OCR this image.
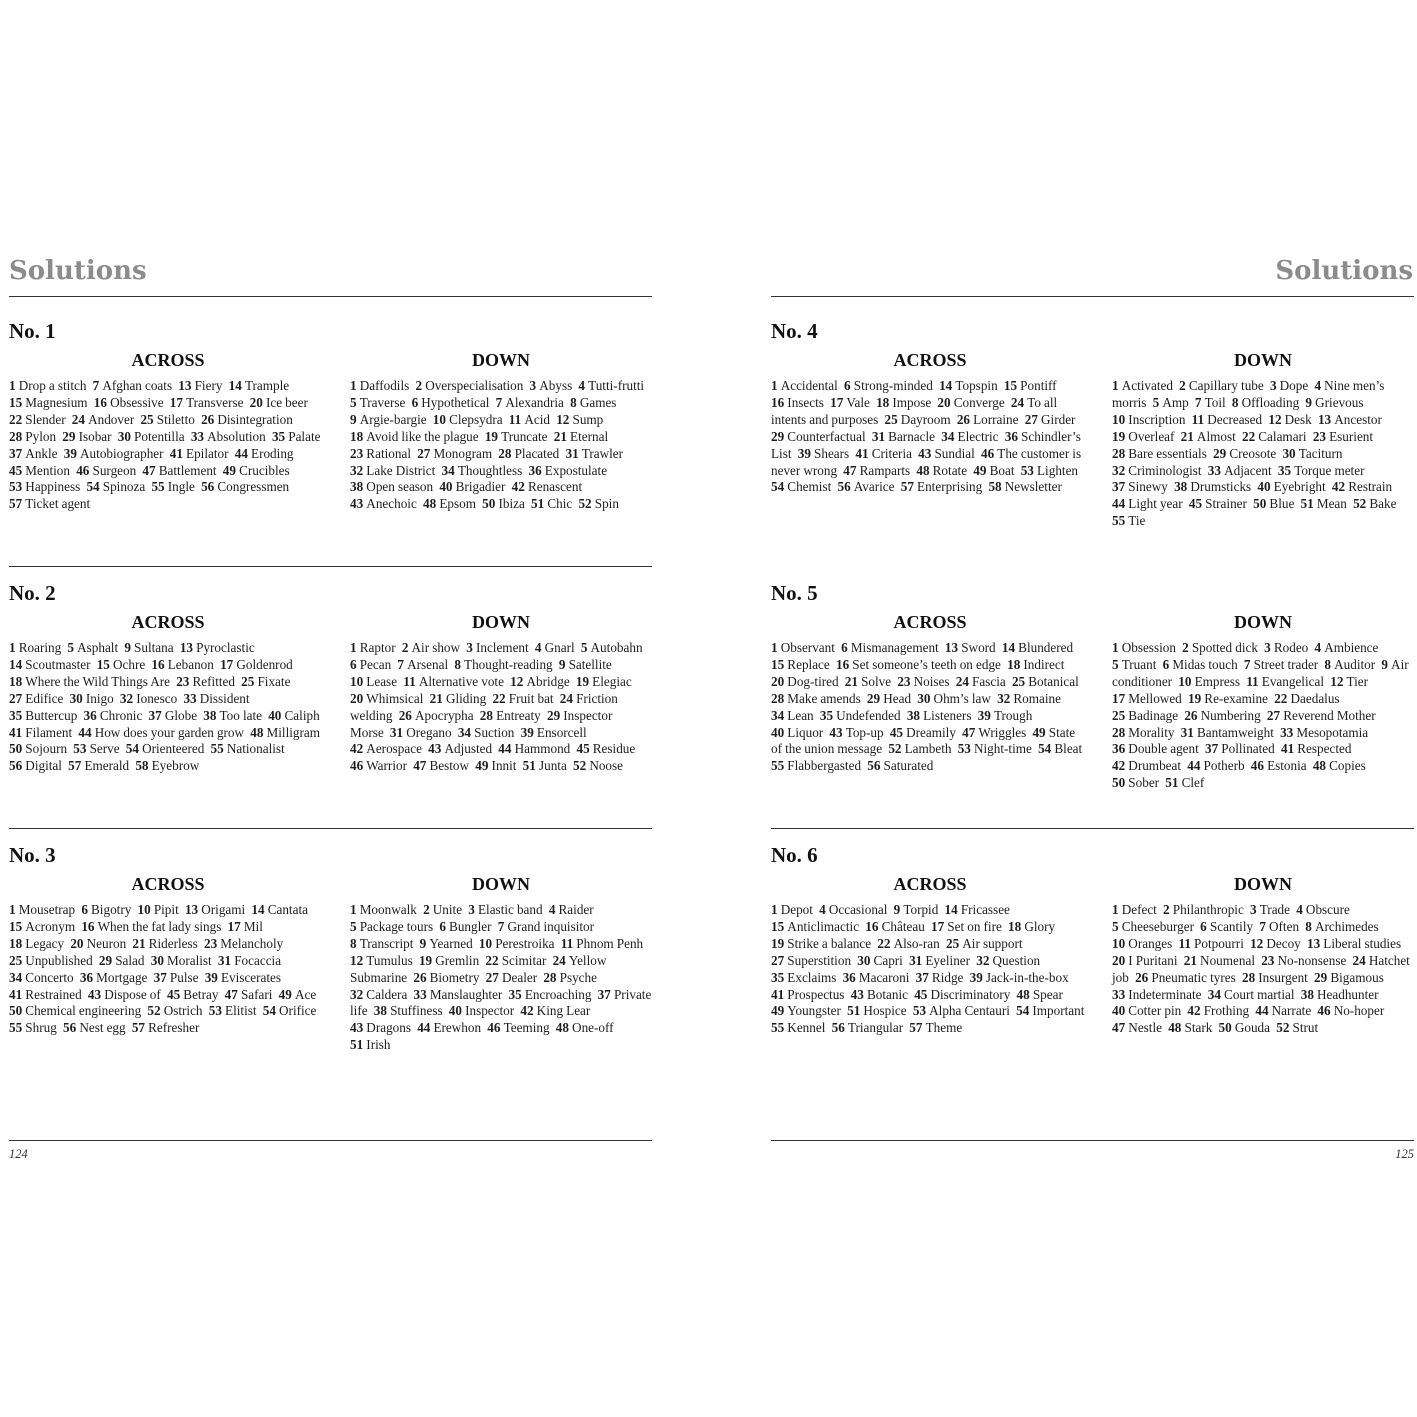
Solutions
No. 1
ACROSS
1 Drop a stitch 7 Afghan coats 13 Fiery 14 Trample  15 Magnesium 16 Obsessive 17 Transverse 20 Ice beer  22 Slender 24 Andover 25 Stiletto 26 Disintegration  28 Pylon 29 Isobar 30 Potentilla 33 Absolution 35 Palate  37 Ankle 39 Autobiographer 41 Epilator 44 Eroding  45 Mention 46 Surgeon 47 Battlement 49 Crucibles  53 Happiness 54 Spinoza 55 Ingle 56 Congressmen  57 Ticket agent
DOWN
1 Daffodils 2 Overspecialisation 3 Abyss 4 Tutti-frutti  5 Traverse 6 Hypothetical 7 Alexandria 8 Games  9 Argie-bargie 10 Clepsydra 11 Acid 12 Sump  18 Avoid like the plague 19 Truncate 21 Eternal  23 Rational 27 Monogram 28 Placated 31 Trawler  32 Lake District 34 Thoughtless 36 Expostulate  38 Open season 40 Brigadier 42 Renascent  43 Anechoic 48 Epsom 50 Ibiza 51 Chic 52 Spin
No. 2
ACROSS
1 Roaring 5 Asphalt 9 Sultana 13 Pyroclastic  14 Scoutmaster 15 Ochre 16 Lebanon 17 Goldenrod  18 Where the Wild Things Are 23 Refitted 25 Fixate  27 Edifice 30 Inigo 32 Ionesco 33 Dissident  35 Buttercup 36 Chronic 37 Globe 38 Too late 40 Caliph  41 Filament 44 How does your garden grow 48 Milligram  50 Sojourn 53 Serve 54 Orienteered 55 Nationalist  56 Digital 57 Emerald 58 Eyebrow
DOWN
1 Raptor 2 Air show 3 Inclement 4 Gnarl 5 Autobahn  6 Pecan 7 Arsenal 8 Thought-reading 9 Satellite  10 Lease 11 Alternative vote 12 Abridge 19 Elegiac  20 Whimsical 21 Gliding 22 Fruit bat 24 Friction welding 26 Apocrypha 28 Entreaty 29 Inspector Morse 31 Oregano 34 Suction 39 Ensorcell  42 Aerospace 43 Adjusted 44 Hammond 45 Residue  46 Warrior 47 Bestow 49 Innit 51 Junta 52 Noose
No. 3
ACROSS
1 Mousetrap 6 Bigotry 10 Pipit 13 Origami 14 Cantata  15 Acronym 16 When the fat lady sings 17 Mil  18 Legacy 20 Neuron 21 Riderless 23 Melancholy  25 Unpublished 29 Salad 30 Moralist 31 Focaccia  34 Concerto 36 Mortgage 37 Pulse 39 Eviscerates  41 Restrained 43 Dispose of 45 Betray 47 Safari 49 Ace  50 Chemical engineering 52 Ostrich 53 Elitist 54 Orifice  55 Shrug 56 Nest egg 57 Refresher
DOWN
1 Moonwalk 2 Unite 3 Elastic band 4 Raider  5 Package tours 6 Bungler 7 Grand inquisitor  8 Transcript 9 Yearned 10 Perestroika 11 Phnom Penh  12 Tumulus 19 Gremlin 22 Scimitar 24 Yellow Submarine 26 Biometry 27 Dealer 28 Psyche  32 Caldera 33 Manslaughter 35 Encroaching 37 Private life 38 Stuffiness 40 Inspector 42 King Lear  43 Dragons 44 Erewhon 46 Teeming 48 One-off  51 Irish
124
Solutions
No. 4
ACROSS
1 Accidental 6 Strong-minded 14 Topspin 15 Pontiff  16 Insects 17 Vale 18 Impose 20 Converge 24 To all intents and purposes 25 Dayroom 26 Lorraine 27 Girder  29 Counterfactual 31 Barnacle 34 Electric 36 Schindler’s List 39 Shears 41 Criteria 43 Sundial 46 The customer is never wrong 47 Ramparts 48 Rotate 49 Boat 53 Lighten  54 Chemist 56 Avarice 57 Enterprising 58 Newsletter
DOWN
1 Activated 2 Capillary tube 3 Dope 4 Nine men’s morris 5 Amp 7 Toil 8 Offloading 9 Grievous  10 Inscription 11 Decreased 12 Desk 13 Ancestor  19 Overleaf 21 Almost 22 Calamari 23 Esurient  28 Bare essentials 29 Creosote 30 Taciturn  32 Criminologist 33 Adjacent 35 Torque meter  37 Sinewy 38 Drumsticks 40 Eyebright 42 Restrain  44 Light year 45 Strainer 50 Blue 51 Mean 52 Bake  55 Tie
No. 5
ACROSS
1 Observant 6 Mismanagement 13 Sword 14 Blundered  15 Replace 16 Set someone’s teeth on edge 18 Indirect  20 Dog-tired 21 Solve 23 Noises 24 Fascia 25 Botanical  28 Make amends 29 Head 30 Ohm’s law 32 Romaine  34 Lean 35 Undefended 38 Listeners 39 Trough  40 Liquor 43 Top-up 45 Dreamily 47 Wriggles 49 State of the union message 52 Lambeth 53 Night-time 54 Bleat  55 Flabbergasted 56 Saturated
DOWN
1 Obsession 2 Spotted dick 3 Rodeo 4 Ambience  5 Truant 6 Midas touch 7 Street trader 8 Auditor 9 Air conditioner 10 Empress 11 Evangelical 12 Tier  17 Mellowed 19 Re-examine 22 Daedalus  25 Badinage 26 Numbering 27 Reverend Mother  28 Morality 31 Bantamweight 33 Mesopotamia  36 Double agent 37 Pollinated 41 Respected  42 Drumbeat 44 Potherb 46 Estonia 48 Copies  50 Sober 51 Clef
No. 6
ACROSS
1 Depot 4 Occasional 9 Torpid 14 Fricassee  15 Anticlimactic 16 Château 17 Set on fire 18 Glory  19 Strike a balance 22 Also-ran 25 Air support  27 Superstition 30 Capri 31 Eyeliner 32 Question  35 Exclaims 36 Macaroni 37 Ridge 39 Jack-in-the-box  41 Prospectus 43 Botanic 45 Discriminatory 48 Spear  49 Youngster 51 Hospice 53 Alpha Centauri 54 Important  55 Kennel 56 Triangular 57 Theme
DOWN
1 Defect 2 Philanthropic 3 Trade 4 Obscure  5 Cheeseburger 6 Scantily 7 Often 8 Archimedes  10 Oranges 11 Potpourri 12 Decoy 13 Liberal studies  20 I Puritani 21 Noumenal 23 No-nonsense 24 Hatchet job 26 Pneumatic tyres 28 Insurgent 29 Bigamous  33 Indeterminate 34 Court martial 38 Headhunter  40 Cotter pin 42 Frothing 44 Narrate 46 No-hoper  47 Nestle 48 Stark 50 Gouda 52 Strut
125
